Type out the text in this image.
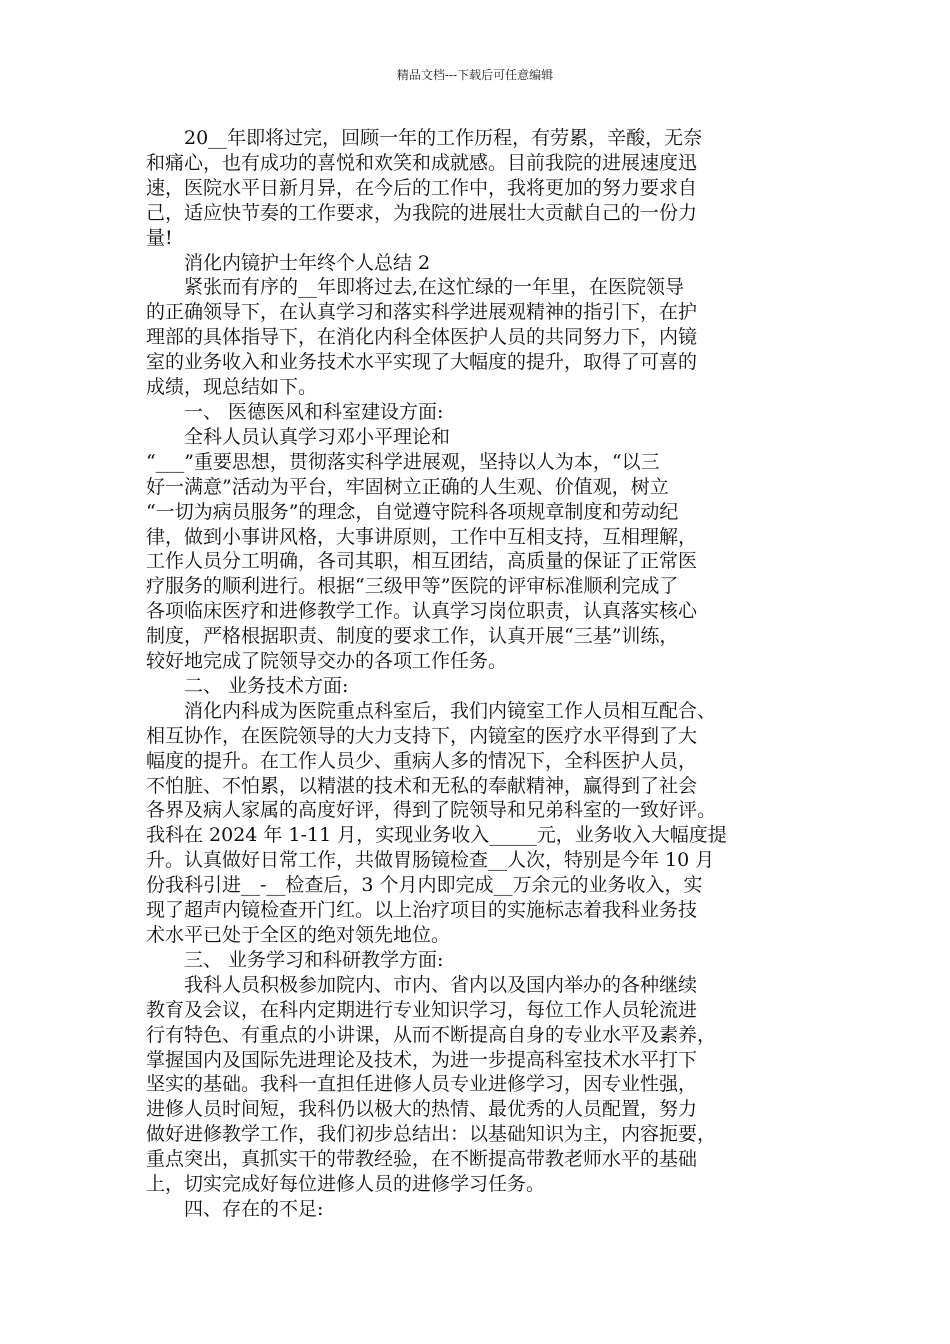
精品文档---下载后可任意编辑

　　20__年即将过完，回顾一年的工作历程，有劳累，辛酸，无奈

和痛心，也有成功的喜悦和欢笑和成就感。目前我院的进展速度迅

速，医院水平日新月异，在今后的工作中，我将更加的努力要求自

己，适应快节奏的工作要求，为我院的进展壮大贡献自己的一份力

量!

　　消化内镜护士年终个人总结 2

　　紧张而有序的__年即将过去,在这忙绿的一年里，在医院领导

的正确领导下，在认真学习和落实科学进展观精神的指引下，在护

理部的具体指导下，在消化内科全体医护人员的共同努力下，内镜

室的业务收入和业务技术水平实现了大幅度的提升，取得了可喜的

成绩，现总结如下。

　　一、 医德医风和科室建设方面:

　　全科人员认真学习邓小平理论和

“___”重要思想，贯彻落实科学进展观，坚持以人为本，“以三

好一满意”活动为平台，牢固树立正确的人生观、价值观，树立

“一切为病员服务”的理念，自觉遵守院科各项规章制度和劳动纪

律，做到小事讲风格，大事讲原则，工作中互相支持，互相理解，

工作人员分工明确，各司其职，相互团结，高质量的保证了正常医

疗服务的顺利进行。根据“三级甲等”医院的评审标准顺利完成了

各项临床医疗和进修教学工作。认真学习岗位职责，认真落实核心

制度，严格根据职责、制度的要求工作，认真开展“三基”训练，

较好地完成了院领导交办的各项工作任务。

　　二、 业务技术方面:

　　消化内科成为医院重点科室后，我们内镜室工作人员相互配合、

相互协作，在医院领导的大力支持下，内镜室的医疗水平得到了大

幅度的提升。在工作人员少、重病人多的情况下，全科医护人员，

不怕脏、不怕累，以精湛的技术和无私的奉献精神，赢得到了社会

各界及病人家属的高度好评，得到了院领导和兄弟科室的一致好评。

我科在 2024 年 1-11 月，实现业务收入_____元，业务收入大幅度提

升。认真做好日常工作，共做胃肠镜检查__人次，特别是今年 10 月

份我科引进__-__检查后，3 个月内即完成__万余元的业务收入，实

现了超声内镜检查开门红。以上治疗项目的实施标志着我科业务技

术水平已处于全区的绝对领先地位。

　　三、 业务学习和科研教学方面:

　　我科人员积极参加院内、市内、省内以及国内举办的各种继续

教育及会议，在科内定期进行专业知识学习，每位工作人员轮流进

行有特色、有重点的小讲课，从而不断提高自身的专业水平及素养，

掌握国内及国际先进理论及技术，为进一步提高科室技术水平打下

坚实的基础。我科一直担任进修人员专业进修学习，因专业性强，

进修人员时间短，我科仍以极大的热情、最优秀的人员配置，努力

做好进修教学工作，我们初步总结出：以基础知识为主，内容扼要，

重点突出，真抓实干的带教经验，在不断提高带教老师水平的基础

上，切实完成好每位进修人员的进修学习任务。

　　四、存在的不足:
